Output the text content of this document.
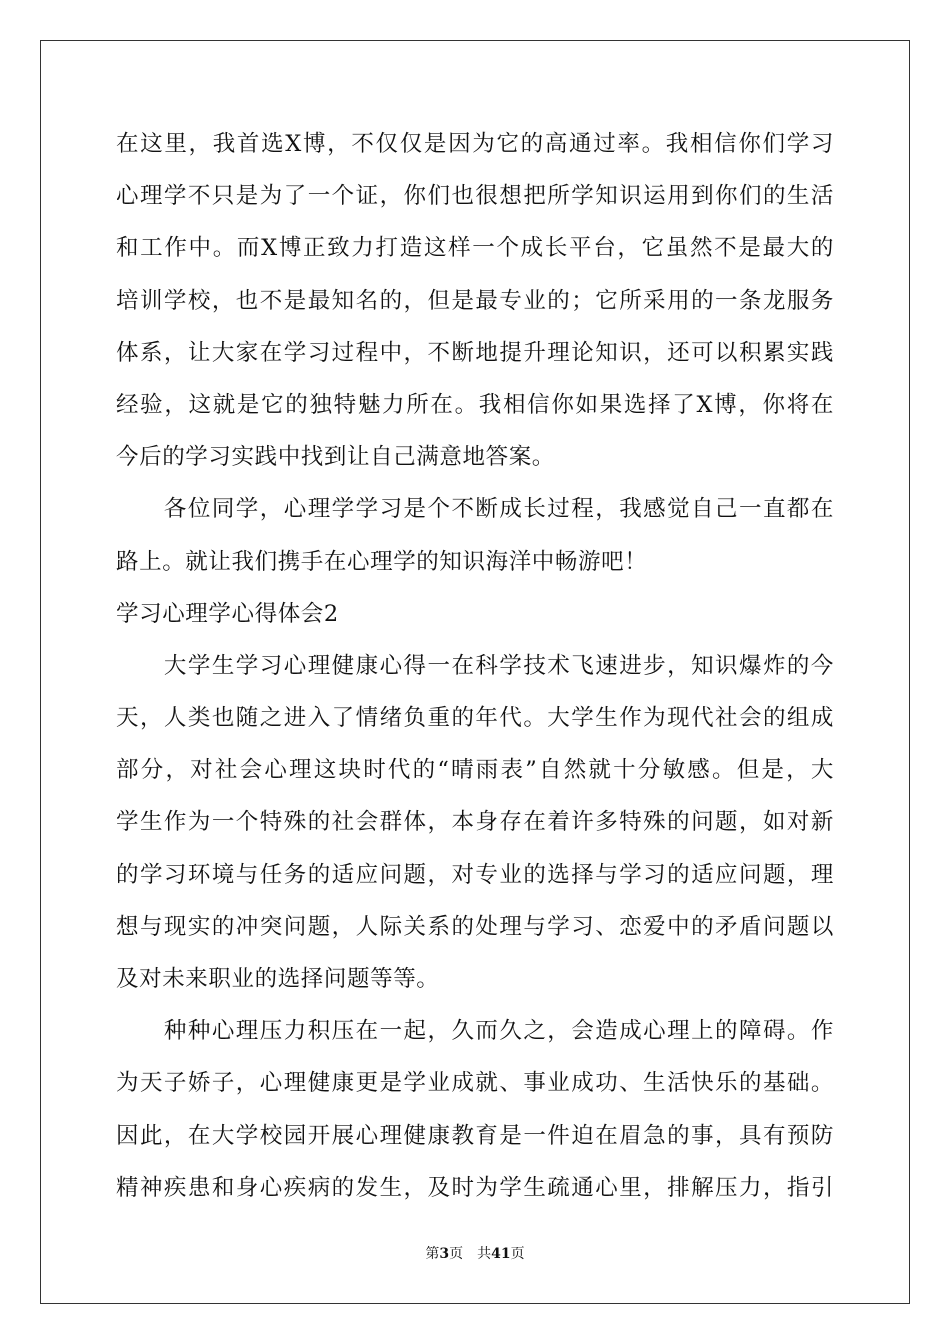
在这里，我首选X博，不仅仅是因为它的高通过率。我相信你们学习
心理学不只是为了一个证，你们也很想把所学知识运用到你们的生活
和工作中。而X博正致力打造这样一个成长平台，它虽然不是最大的
培训学校，也不是最知名的，但是最专业的；它所采用的一条龙服务
体系，让大家在学习过程中，不断地提升理论知识，还可以积累实践
经验，这就是它的独特魅力所在。我相信你如果选择了X博，你将在
今后的学习实践中找到让自己满意地答案。
　　各位同学，心理学学习是个不断成长过程，我感觉自己一直都在
路上。就让我们携手在心理学的知识海洋中畅游吧！
学习心理学心得体会2
　　大学生学习心理健康心得一在科学技术飞速进步，知识爆炸的今
天，人类也随之进入了情绪负重的年代。大学生作为现代社会的组成
部分，对社会心理这块时代的“晴雨表”自然就十分敏感。但是，大
学生作为一个特殊的社会群体，本身存在着许多特殊的问题，如对新
的学习环境与任务的适应问题，对专业的选择与学习的适应问题，理
想与现实的冲突问题，人际关系的处理与学习、恋爱中的矛盾问题以
及对未来职业的选择问题等等。
　　种种心理压力积压在一起，久而久之，会造成心理上的障碍。作
为天子娇子，心理健康更是学业成就、事业成功、生活快乐的基础。
因此，在大学校园开展心理健康教育是一件迫在眉急的事，具有预防
精神疾患和身心疾病的发生，及时为学生疏通心里，排解压力，指引
第3页　共41页
